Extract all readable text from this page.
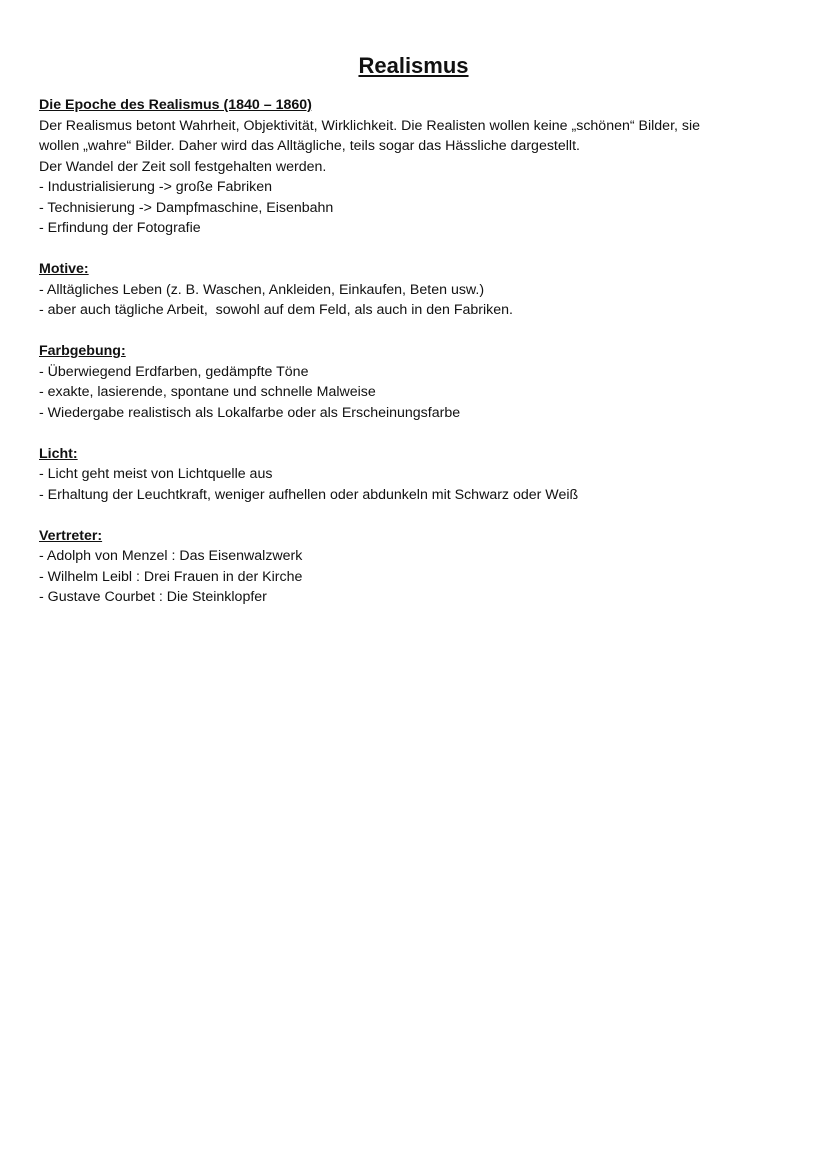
Realismus

Die Epoche des Realismus (1840 – 1860)

Der Realismus betont Wahrheit, Objektivität, Wirklichkeit. Die Realisten wollen keine „schönen“ Bilder, sie

wollen „wahre“ Bilder. Daher wird das Alltägliche, teils sogar das Hässliche dargestellt.

Der Wandel der Zeit soll festgehalten werden.

- Industrialisierung -> große Fabriken

- Technisierung -> Dampfmaschine, Eisenbahn

- Erfindung der Fotografie

Motive:

- Alltägliches Leben (z. B. Waschen, Ankleiden, Einkaufen, Beten usw.)

- aber auch tägliche Arbeit,  sowohl auf dem Feld, als auch in den Fabriken.

Farbgebung:

- Überwiegend Erdfarben, gedämpfte Töne

- exakte, lasierende, spontane und schnelle Malweise

- Wiedergabe realistisch als Lokalfarbe oder als Erscheinungsfarbe

Licht:

- Licht geht meist von Lichtquelle aus

- Erhaltung der Leuchtkraft, weniger aufhellen oder abdunkeln mit Schwarz oder Weiß

Vertreter:

- Adolph von Menzel : Das Eisenwalzwerk

- Wilhelm Leibl : Drei Frauen in der Kirche

- Gustave Courbet : Die Steinklopfer
